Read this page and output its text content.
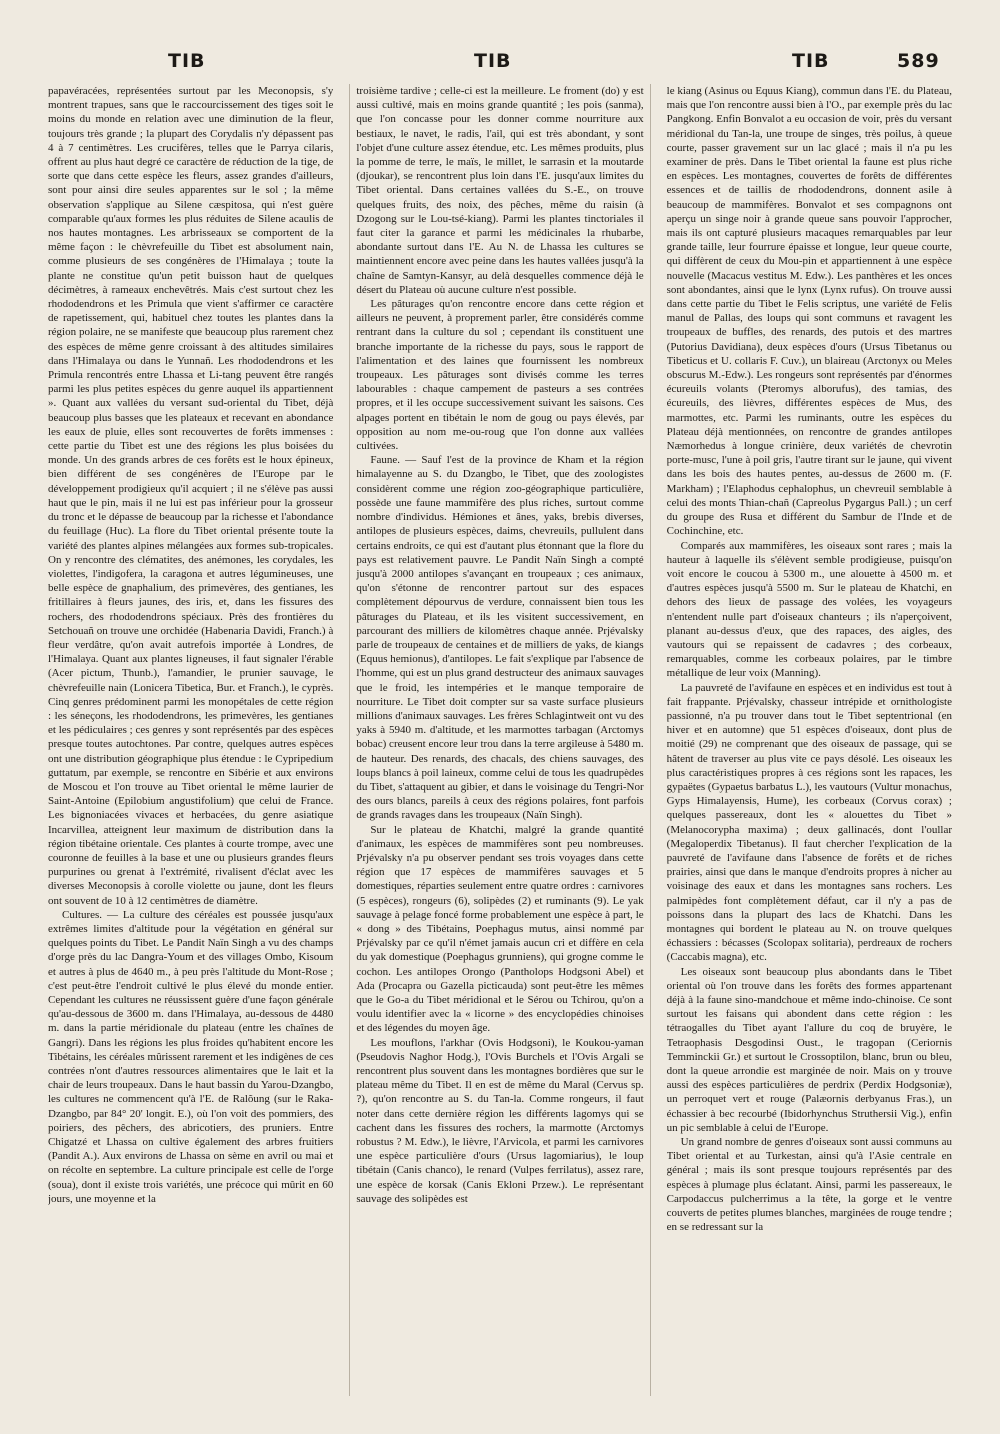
TIB	TIB	TIB	589

papavéracées, représentées surtout par les Meconopsis, s'y montrent trapues, sans que le raccourcissement des tiges soit le moins du monde en relation avec une diminution de la fleur, toujours très grande ; la plupart des Corydalis n'y dépassent pas 4 à 7 centimètres. Les crucifères, telles que le Parrya cilaris, offrent au plus haut degré ce caractère de réduction de la tige, de sorte que dans cette espèce les fleurs, assez grandes d'ailleurs, sont pour ainsi dire seules apparentes sur le sol ; la même observation s'applique au Silene cæspitosa, qui n'est guère comparable qu'aux formes les plus réduites de Silene acaulis de nos hautes montagnes. Les arbrisseaux se comportent de la même façon : le chèvrefeuille du Tibet est absolument nain, comme plusieurs de ses congénères de l'Himalaya ; toute la plante ne constitue qu'un petit buisson haut de quelques décimètres, à rameaux enchevêtrés. Mais c'est surtout chez les rhododendrons et les Primula que vient s'affirmer ce caractère de rapetissement, qui, habituel chez toutes les plantes dans la région polaire, ne se manifeste que beaucoup plus rarement chez des espèces de même genre croissant à des altitudes similaires dans l'Himalaya ou dans le Yunnañ. Les rhododendrons et les Primula rencontrés entre Lhassa et Li-tang peuvent être rangés parmi les plus petites espèces du genre auquel ils appartiennent ». Quant aux vallées du versant sud-oriental du Tibet, déjà beaucoup plus basses que les plateaux et recevant en abondance les eaux de pluie, elles sont recouvertes de forêts immenses : cette partie du Tibet est une des régions les plus boisées du monde. Un des grands arbres de ces forêts est le houx épineux, bien différent de ses congénères de l'Europe par le développement prodigieux qu'il acquiert ; il ne s'élève pas aussi haut que le pin, mais il ne lui est pas inférieur pour la grosseur du tronc et le dépasse de beaucoup par la richesse et l'abondance du feuillage (Huc). La flore du Tibet oriental présente toute la variété des plantes alpines mélangées aux formes sub-tropicales. On y rencontre des clématites, des anémones, les corydales, les violettes, l'indigofera, la caragona et autres légumineuses, une belle espèce de gnaphalium, des primevères, des gentianes, les fritillaires à fleurs jaunes, des iris, et, dans les fissures des rochers, des rhododendrons spéciaux. Près des frontières du Setchouañ on trouve une orchidée (Habenaria Davidi, Franch.) à fleur verdâtre, qu'on avait autrefois importée à Londres, de l'Himalaya. Quant aux plantes ligneuses, il faut signaler l'érable (Acer pictum, Thunb.), l'amandier, le prunier sauvage, le chèvrefeuille nain (Lonicera Tibetica, Bur. et Franch.), le cyprès. Cinq genres prédominent parmi les monopétales de cette région : les séneçons, les rhododendrons, les primevères, les gentianes et les pédiculaires ; ces genres y sont représentés par des espèces presque toutes autochtones. Par contre, quelques autres espèces ont une distribution géographique plus étendue : le Cypripedium guttatum, par exemple, se rencontre en Sibérie et aux environs de Moscou et l'on trouve au Tibet oriental le même laurier de Saint-Antoine (Epilobium angustifolium) que celui de France. Les bignoniacées vivaces et herbacées, du genre asiatique Incarvillea, atteignent leur maximum de distribution dans la région tibétaine orientale. Ces plantes à courte trompe, avec une couronne de feuilles à la base et une ou plusieurs grandes fleurs purpurines ou grenat à l'extrémité, rivalisent d'éclat avec les diverses Meconopsis à corolle violette ou jaune, dont les fleurs ont souvent de 10 à 12 centimètres de diamètre.

Cultures. — La culture des céréales est poussée jusqu'aux extrêmes limites d'altitude pour la végétation en général sur quelques points du Tibet. Le Pandit Naïn Singh a vu des champs d'orge près du lac Dangra-Youm et des villages Ombo, Kisoum et autres à plus de 4640 m., à peu près l'altitude du Mont-Rose ; c'est peut-être l'endroit cultivé le plus élevé du monde entier. Cependant les cultures ne réussissent guère d'une façon générale qu'au-dessous de 3600 m. dans l'Himalaya, au-dessous de 4480 m. dans la partie méridionale du plateau (entre les chaînes de Gangri). Dans les régions les plus froides qu'habitent encore les Tibétains, les céréales mûrissent rarement et les indigènes de ces contrées n'ont d'autres ressources alimentaires que le lait et la chair de leurs troupeaux. Dans le haut bassin du Yarou-Dzangbo, les cultures ne commencent qu'à l'E. de Ralõung (sur le Raka-Dzangbo, par 84° 20' longit. E.), où l'on voit des pommiers, des poiriers, des pêchers, des abricotiers, des pruniers. Entre Chigatzé et Lhassa on cultive également des arbres fruitiers (Pandit A.). Aux environs de Lhassa on sème en avril ou mai et on récolte en septembre. La culture principale est celle de l'orge (soua), dont il existe trois variétés, une précoce qui mûrit en 60 jours, une moyenne et la

troisième tardive ; celle-ci est la meilleure. Le froment (do) y est aussi cultivé, mais en moins grande quantité ; les pois (sanma), que l'on concasse pour les donner comme nourriture aux bestiaux, le navet, le radis, l'ail, qui est très abondant, y sont l'objet d'une culture assez étendue, etc. Les mêmes produits, plus la pomme de terre, le maïs, le millet, le sarrasin et la moutarde (djoukar), se rencontrent plus loin dans l'E. jusqu'aux limites du Tibet oriental. Dans certaines vallées du S.-E., on trouve quelques fruits, des noix, des pêches, même du raisin (à Dzogong sur le Lou-tsé-kiang). Parmi les plantes tinctoriales il faut citer la garance et parmi les médicinales la rhubarbe, abondante surtout dans l'E. Au N. de Lhassa les cultures se maintiennent encore avec peine dans les hautes vallées jusqu'à la chaîne de Samtyn-Kansyr, au delà desquelles commence déjà le désert du Plateau où aucune culture n'est possible.

Les pâturages qu'on rencontre encore dans cette région et ailleurs ne peuvent, à proprement parler, être considérés comme rentrant dans la culture du sol ; cependant ils constituent une branche importante de la richesse du pays, sous le rapport de l'alimentation et des laines que fournissent les nombreux troupeaux. Les pâturages sont divisés comme les terres labourables : chaque campement de pasteurs a ses contrées propres, et il les occupe successivement suivant les saisons. Ces alpages portent en tibétain le nom de goug ou pays élevés, par opposition au nom me-ou-roug que l'on donne aux vallées cultivées.

Faune. — Sauf l'est de la province de Kham et la région himalayenne au S. du Dzangbo, le Tibet, que des zoologistes considèrent comme une région zoo-géographique particulière, possède une faune mammifère des plus riches, surtout comme nombre d'individus. Hémiones et ânes, yaks, brebis diverses, antilopes de plusieurs espèces, daims, chevreuils, pullulent dans certains endroits, ce qui est d'autant plus étonnant que la flore du pays est relativement pauvre. Le Pandit Naïn Singh a compté jusqu'à 2000 antilopes s'avançant en troupeaux ; ces animaux, qu'on s'étonne de rencontrer partout sur des espaces complètement dépourvus de verdure, connaissent bien tous les pâturages du Plateau, et ils les visitent successivement, en parcourant des milliers de kilomètres chaque année. Prjévalsky parle de troupeaux de centaines et de milliers de yaks, de kiangs (Equus hemionus), d'antilopes. Le fait s'explique par l'absence de l'homme, qui est un plus grand destructeur des animaux sauvages que le froid, les intempéries et le manque temporaire de nourriture. Le Tibet doit compter sur sa vaste surface plusieurs millions d'animaux sauvages. Les frères Schlagintweit ont vu des yaks à 5940 m. d'altitude, et les marmottes tarbagan (Arctomys bobac) creusent encore leur trou dans la terre argileuse à 5480 m. de hauteur. Des renards, des chacals, des chiens sauvages, des loups blancs à poil laineux, comme celui de tous les quadrupèdes du Tibet, s'attaquent au gibier, et dans le voisinage du Tengri-Nor des ours blancs, pareils à ceux des régions polaires, font parfois de grands ravages dans les troupeaux (Naïn Singh).

Sur le plateau de Khatchi, malgré la grande quantité d'animaux, les espèces de mammifères sont peu nombreuses. Prjévalsky n'a pu observer pendant ses trois voyages dans cette région que 17 espèces de mammifères sauvages et 5 domestiques, réparties seulement entre quatre ordres : carnivores (5 espèces), rongeurs (6), solipèdes (2) et ruminants (9). Le yak sauvage à pelage foncé forme probablement une espèce à part, le « dong » des Tibétains, Poephagus mutus, ainsi nommé par Prjévalsky par ce qu'il n'émet jamais aucun cri et diffère en cela du yak domestique (Poephagus grunniens), qui grogne comme le cochon. Les antilopes Orongo (Pantholops Hodgsoni Abel) et Ada (Procapra ou Gazella picticauda) sont peut-être les mêmes que le Go-a du Tibet méridional et le Sérou ou Tchirou, qu'on a voulu identifier avec la « licorne » des encyclopédies chinoises et des légendes du moyen âge.

Les mouflons, l'arkhar (Ovis Hodgsoni), le Koukou-yaman (Pseudovis Naghor Hodg.), l'Ovis Burchels et l'Ovis Argali se rencontrent plus souvent dans les montagnes bordières que sur le plateau même du Tibet. Il en est de même du Maral (Cervus sp. ?), qu'on rencontre au S. du Tan-la. Comme rongeurs, il faut noter dans cette dernière région les différents lagomys qui se cachent dans les fissures des rochers, la marmotte (Arctomys robustus ? M. Edw.), le lièvre, l'Arvicola, et parmi les carnivores une espèce particulière d'ours (Ursus lagomiarius), le loup tibétain (Canis chanco), le renard (Vulpes ferrilatus), assez rare, une espèce de korsak (Canis Ekloni Przew.). Le représentant sauvage des solipèdes est

le kiang (Asinus ou Equus Kiang), commun dans l'E. du Plateau, mais que l'on rencontre aussi bien à l'O., par exemple près du lac Pangkong. Enfin Bonvalot a eu occasion de voir, près du versant méridional du Tan-la, une troupe de singes, très poilus, à queue courte, passer gravement sur un lac glacé ; mais il n'a pu les examiner de près. Dans le Tibet oriental la faune est plus riche en espèces. Les montagnes, couvertes de forêts de différentes essences et de taillis de rhododendrons, donnent asile à beaucoup de mammifères. Bonvalot et ses compagnons ont aperçu un singe noir à grande queue sans pouvoir l'approcher, mais ils ont capturé plusieurs macaques remarquables par leur grande taille, leur fourrure épaisse et longue, leur queue courte, qui diffèrent de ceux du Mou-pin et appartiennent à une espèce nouvelle (Macacus vestitus M. Edw.). Les panthères et les onces sont abondantes, ainsi que le lynx (Lynx rufus). On trouve aussi dans cette partie du Tibet le Felis scriptus, une variété de Felis manul de Pallas, des loups qui sont communs et ravagent les troupeaux de buffles, des renards, des putois et des martres (Putorius Davidiana), deux espèces d'ours (Ursus Tibetanus ou Tibeticus et U. collaris F. Cuv.), un blaireau (Arctonyx ou Meles obscurus M.-Edw.). Les rongeurs sont représentés par d'énormes écureuils volants (Pteromys alborufus), des tamias, des écureuils, des lièvres, différentes espèces de Mus, des marmottes, etc. Parmi les ruminants, outre les espèces du Plateau déjà mentionnées, on rencontre de grandes antilopes Næmorhedus à longue crinière, deux variétés de chevrotin porte-musc, l'une à poil gris, l'autre tirant sur le jaune, qui vivent dans les bois des hautes pentes, au-dessus de 2600 m. (F. Markham) ; l'Elaphodus cephalophus, un chevreuil semblable à celui des monts Thian-chañ (Capreolus Pygargus Pall.) ; un cerf du groupe des Rusa et différent du Sambur de l'Inde et de Cochinchine, etc.

Comparés aux mammifères, les oiseaux sont rares ; mais la hauteur à laquelle ils s'élèvent semble prodigieuse, puisqu'on voit encore le coucou à 5300 m., une alouette à 4500 m. et d'autres espèces jusqu'à 5500 m. Sur le plateau de Khatchi, en dehors des lieux de passage des volées, les voyageurs n'entendent nulle part d'oiseaux chanteurs ; ils n'aperçoivent, planant au-dessus d'eux, que des rapaces, des aigles, des vautours qui se repaissent de cadavres ; des corbeaux, remarquables, comme les corbeaux polaires, par le timbre métallique de leur voix (Manning).

La pauvreté de l'avifaune en espèces et en individus est tout à fait frappante. Prjévalsky, chasseur intrépide et ornithologiste passionné, n'a pu trouver dans tout le Tibet septentrional (en hiver et en automne) que 51 espèces d'oiseaux, dont plus de moitié (29) ne comprenant que des oiseaux de passage, qui se hâtent de traverser au plus vite ce pays désolé. Les oiseaux les plus caractéristiques propres à ces régions sont les rapaces, les gypaëtes (Gypaetus barbatus L.), les vautours (Vultur monachus, Gyps Himalayensis, Hume), les corbeaux (Corvus corax) ; quelques passereaux, dont les « alouettes du Tibet » (Melanocorypha maxima) ; deux gallinacés, dont l'oullar (Megaloperdix Tibetanus). Il faut chercher l'explication de la pauvreté de l'avifaune dans l'absence de forêts et de riches prairies, ainsi que dans le manque d'endroits propres à nicher au voisinage des eaux et dans les montagnes sans rochers. Les palmipèdes font complètement défaut, car il n'y a pas de poissons dans la plupart des lacs de Khatchi. Dans les montagnes qui bordent le plateau au N. on trouve quelques échassiers : bécasses (Scolopax solitaria), perdreaux de rochers (Caccabis magna), etc.

Les oiseaux sont beaucoup plus abondants dans le Tibet oriental où l'on trouve dans les forêts des formes appartenant déjà à la faune sino-mandchoue et même indo-chinoise. Ce sont surtout les faisans qui abondent dans cette région : les tétraogalles du Tibet ayant l'allure du coq de bruyère, le Tetraophasis Desgodinsi Oust., le tragopan (Ceriornis Temminckii Gr.) et surtout le Crossoptilon, blanc, brun ou bleu, dont la queue arrondie est marginée de noir. Mais on y trouve aussi des espèces particulières de perdrix (Perdix Hodgsoniæ), un perroquet vert et rouge (Palæornis derbyanus Fras.), un échassier à bec recourbé (Ibidorhynchus Struthersii Vig.), enfin un pic semblable à celui de l'Europe.

Un grand nombre de genres d'oiseaux sont aussi communs au Tibet oriental et au Turkestan, ainsi qu'à l'Asie centrale en général ; mais ils sont presque toujours représentés par des espèces à plumage plus éclatant. Ainsi, parmi les passereaux, le Carpodaccus pulcherrimus a la tête, la gorge et le ventre couverts de petites plumes blanches, marginées de rouge tendre ; en se redressant sur la
